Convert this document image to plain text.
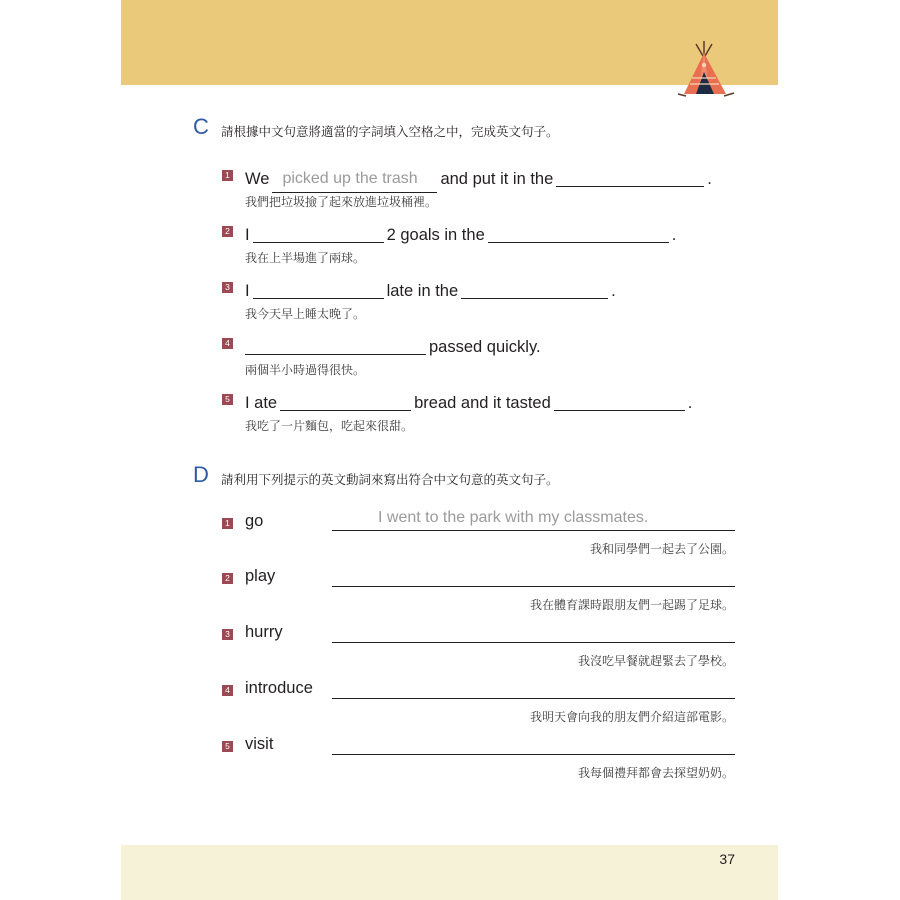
C 請根據中文句意將適當的字詞填入空格之中，完成英文句子。
1 We picked up the trash and put it in the	.
我們把垃圾撿了起來放進垃圾桶裡。
2 I	2 goals in the	.
我在上半場進了兩球。
3 I	late in the	.
我今天早上睡太晚了。
4	passed quickly.
兩個半小時過得很快。
5 I ate	bread and it tasted	.
我吃了一片麵包，吃起來很甜。
D 請利用下列提示的英文動詞來寫出符合中文句意的英文句子。
1 go	I went to the park with my classmates.
我和同學們一起去了公園。
2 play
我在體育課時跟朋友們一起踢了足球。
3 hurry
我沒吃早餐就趕緊去了學校。
4 introduce
我明天會向我的朋友們介紹這部電影。
5 visit
我每個禮拜都會去探望奶奶。
37
